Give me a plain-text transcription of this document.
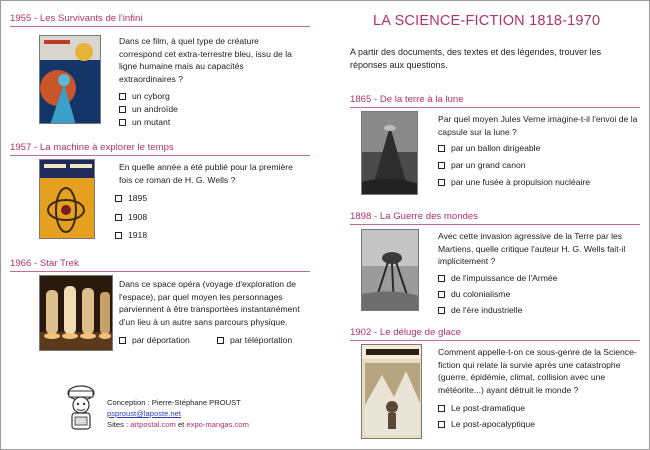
1955 - Les Survivants de l'infini
Dans ce film, à quel type de créature correspond cet extra-terrestre bleu, issu de la ligne humaine mais au capacités extraordinaires ?
un cyborg
un androïde
un mutant
1957 - La machine à explorer le temps
En quelle année a été publié pour la première fois ce roman de H. G. Wells ?
1895
1908
1918
1966 - Star Trek
Dans ce space opéra (voyage d'exploration de l'espace), par quel moyen les personnages parviennent à être transportées instantanément d'un lieu à un autre sans parcours physique.
par déportation	par téléportation
Conception : Pierre-Stéphane PROUST
psproust@laposte.net
Sites : artpostal.com et expo-mangas.com
LA SCIENCE-FICTION 1818-1970
A partir des documents, des textes et des légendes, trouver les réponses aux questions.
1865 - De la terre à la lune
Par quel moyen Jules Verne imagine-t-il l'envoi de la capsule sur la lune ?
par un ballon dirigeable
par un grand canon
par une fusée à propulsion nucléaire
1898 - La Guerre des mondes
Avec cette invasion agressive de la Terre par les Martiens, quelle critique l'auteur H. G. Wells fait-il implicitement ?
de l'impuissance de l'Armée
du colonialisme
de l'ère industrielle
1902 - Le déluge de glace
Comment appelle-t-on ce sous-genre de la Science-fiction qui relate la survie après une catastrophe (guerre, épidémie, climat, collision avec une météorite...) ayant détruit le monde ?
Le post-dramatique
Le post-apocalyptique
